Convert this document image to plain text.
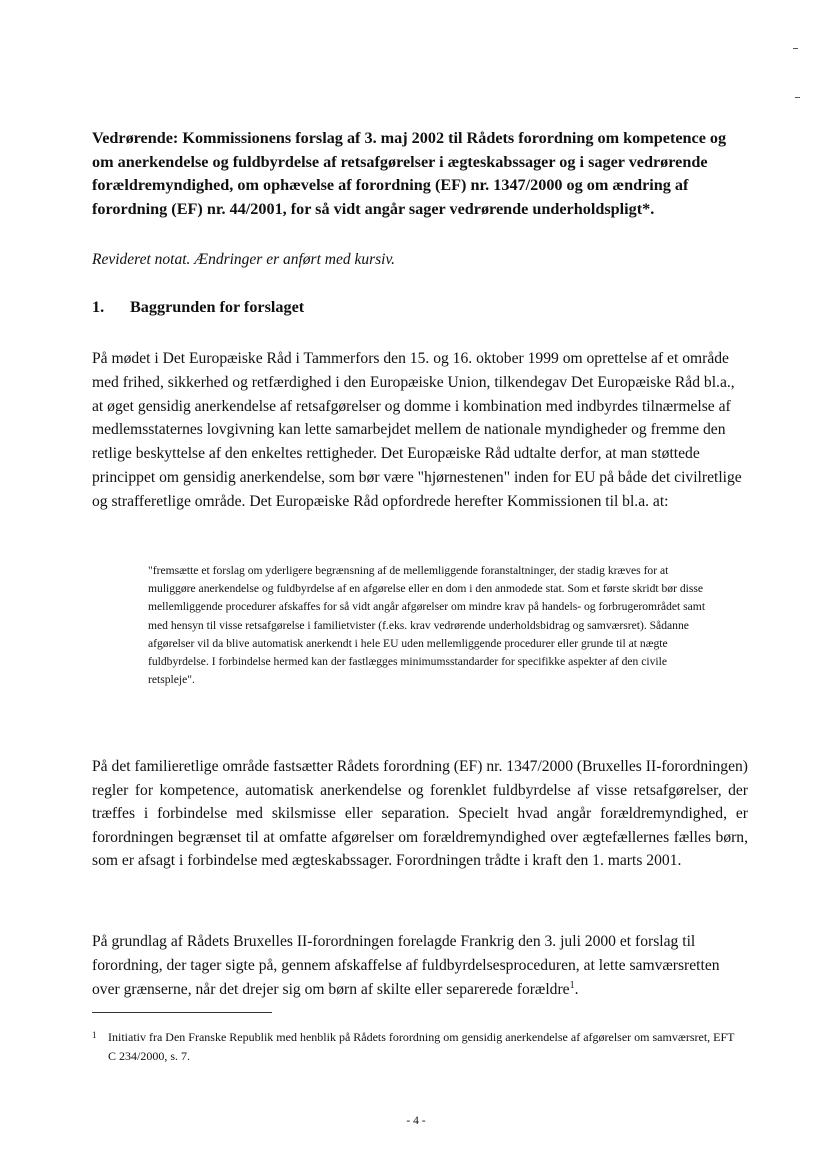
Vedrørende: Kommissionens forslag af 3. maj 2002 til Rådets forordning om kompetence og om anerkendelse og fuldbyrdelse af retsafgørelser i ægteskabssager og i sager vedrørende forældremyndighed, om ophævelse af forordning (EF) nr. 1347/2000 og om ændring af forordning (EF) nr. 44/2001, for så vidt angår sager vedrørende underholdspligt*.

Revideret notat. Ændringer er anført med kursiv.

1.	Baggrunden for forslaget

På mødet i Det Europæiske Råd i Tammerfors den 15. og 16. oktober 1999 om oprettelse af et område med frihed, sikkerhed og retfærdighed i den Europæiske Union, tilkendegav Det Europæiske Råd bl.a., at øget gensidig anerkendelse af retsafgørelser og domme i kombination med indbyrdes tilnærmelse af medlemsstaternes lovgivning kan lette samarbejdet mellem de nationale myndigheder og fremme den retlige beskyttelse af den enkeltes rettigheder. Det Europæiske Råd udtalte derfor, at man støttede princippet om gensidig anerkendelse, som bør være "hjørnestenen" inden for EU på både det civilretlige og strafferetlige område. Det Europæiske Råd opfordrede herefter Kommissionen til bl.a. at:

"fremsætte et forslag om yderligere begrænsning af de mellemliggende foranstaltninger, der stadig kræves for at muliggøre anerkendelse og fuldbyrdelse af en afgørelse eller en dom i den anmodede stat. Som et første skridt bør disse mellemliggende procedurer afskaffes for så vidt angår afgørelser om mindre krav på handels- og forbrugerområdet samt med hensyn til visse retsafgørelse i familietvister (f.eks. krav vedrørende underholdsbidrag og samværsret). Sådanne afgørelser vil da blive automatisk anerkendt i hele EU uden mellemliggende procedurer eller grunde til at nægte fuldbyrdelse. I forbindelse hermed kan der fastlægges minimumsstandarder for specifikke aspekter af den civile retspleje".

På det familieretlige område fastsætter Rådets forordning (EF) nr. 1347/2000 (Bruxelles II-forordningen) regler for kompetence, automatisk anerkendelse og forenklet fuldbyrdelse af visse retsafgørelser, der træffes i forbindelse med skilsmisse eller separation. Specielt hvad angår forældremyndighed, er forordningen begrænset til at omfatte afgørelser om forældremyndighed over ægtefællernes fælles børn, som er afsagt i forbindelse med ægteskabssager. Forordningen trådte i kraft den 1. marts 2001.

På grundlag af Rådets Bruxelles II-forordningen forelagde Frankrig den 3. juli 2000 et forslag til forordning, der tager sigte på, gennem afskaffelse af fuldbyrdelsesproceduren, at lette samværsretten over grænserne, når det drejer sig om børn af skilte eller separerede forældre$^1$.

1 Initiativ fra Den Franske Republik med henblik på Rådets forordning om gensidig anerkendelse af afgørelser om samværsret, EFT C 234/2000, s. 7.
- 4 -
